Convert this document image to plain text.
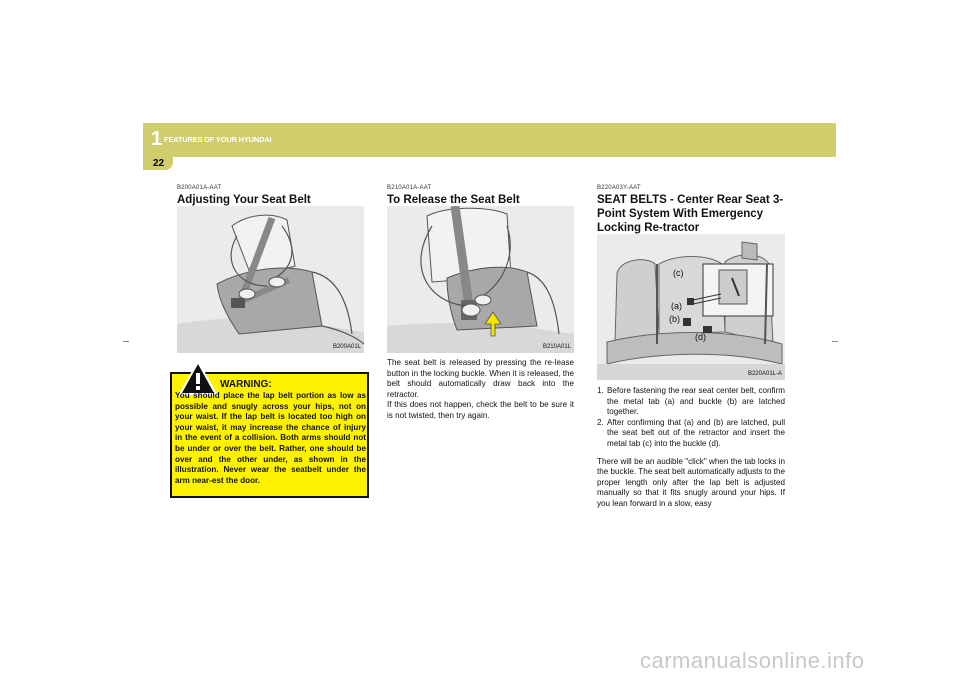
1 FEATURES OF YOUR HYUNDAI
22
B200A01A-AAT
Adjusting Your Seat Belt
B200A01L
WARNING:
You should place the lap belt portion as low as possible and snugly across your hips, not on your waist. If the lap belt is located too high on your waist, it may increase the chance of injury in the event of a collision. Both arms should not be under or over the belt. Rather, one should be over and the other under, as shown in the illustration. Never wear the seatbelt under the arm near-est the door.
B210A01A-AAT
To Release the Seat Belt
B210A01L
The seat belt is released by pressing the re-lease button in the locking buckle. When it is released, the belt should automatically draw back into the retractor.
If this does not happen, check the belt to be sure it is not twisted, then try again.
B220A03Y-AAT
SEAT BELTS - Center Rear Seat 3-Point System With Emergency Locking Re-tractor
B220A01L-A
(c)
(a)
(b)
(d)
1. Before fastening the rear seat center belt, confirm the metal tab (a) and buckle (b) are latched together.
2. After confirming that (a) and (b) are latched, pull the seat belt out of the retractor and insert the metal tab (c) into the buckle (d).
There will be an audible "click" when the tab locks in the buckle. The seat belt automatically adjusts to the proper length only after the lap belt is adjusted manually so that it fits snugly around your hips. If you lean forward in a slow, easy
carmanualsonline.info
